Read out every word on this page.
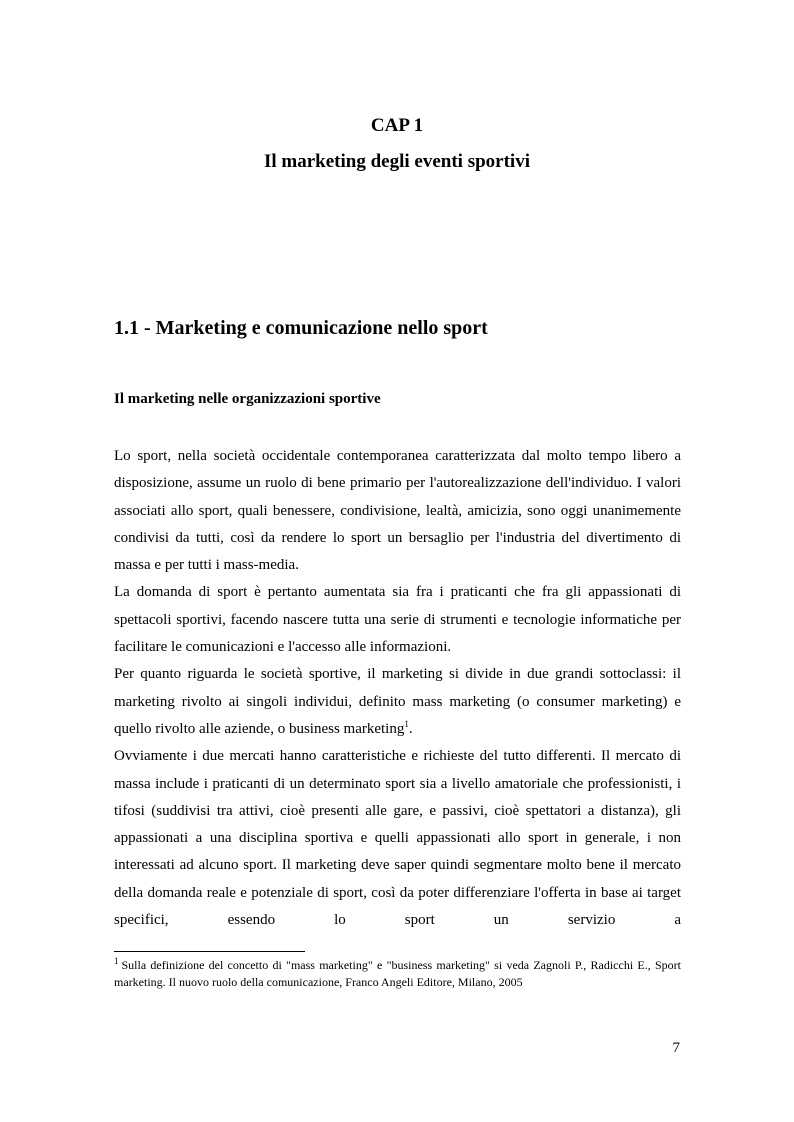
CAP 1
Il marketing degli eventi sportivi
1.1 - Marketing e comunicazione nello sport
Il marketing nelle organizzazioni sportive

Lo sport, nella società occidentale contemporanea caratterizzata dal molto tempo libero a disposizione, assume un ruolo di bene primario per l'autorealizzazione dell'individuo. I valori associati allo sport, quali benessere, condivisione, lealtà, amicizia, sono oggi unanimemente condivisi da tutti, così da rendere lo sport un bersaglio per l'industria del divertimento di massa e per tutti i mass-media.

La domanda di sport è pertanto aumentata sia fra i praticanti che fra gli appassionati di spettacoli sportivi, facendo nascere tutta una serie di strumenti e tecnologie informatiche per facilitare le comunicazioni e l'accesso alle informazioni.

Per quanto riguarda le società sportive, il marketing si divide in due grandi sottoclassi: il marketing rivolto ai singoli individui, definito mass marketing (o consumer marketing) e quello rivolto alle aziende, o business marketing$^1$.

Ovviamente i due mercati hanno caratteristiche e richieste del tutto differenti. Il mercato di massa include i praticanti di un determinato sport sia a livello amatoriale che professionisti, i tifosi (suddivisi tra attivi, cioè presenti alle gare, e passivi, cioè spettatori a distanza), gli appassionati a una disciplina sportiva e quelli appassionati allo sport in generale, i non interessati ad alcuno sport. Il marketing deve saper quindi segmentare molto bene il mercato della domanda reale e potenziale di sport, così da poter differenziare l'offerta in base ai target specifici, essendo lo sport un servizio a

$^1$ Sulla definizione del concetto di "mass marketing" e "business marketing" si veda Zagnoli P., Radicchi E., Sport marketing. Il nuovo ruolo della comunicazione, Franco Angeli Editore, Milano, 2005
7
